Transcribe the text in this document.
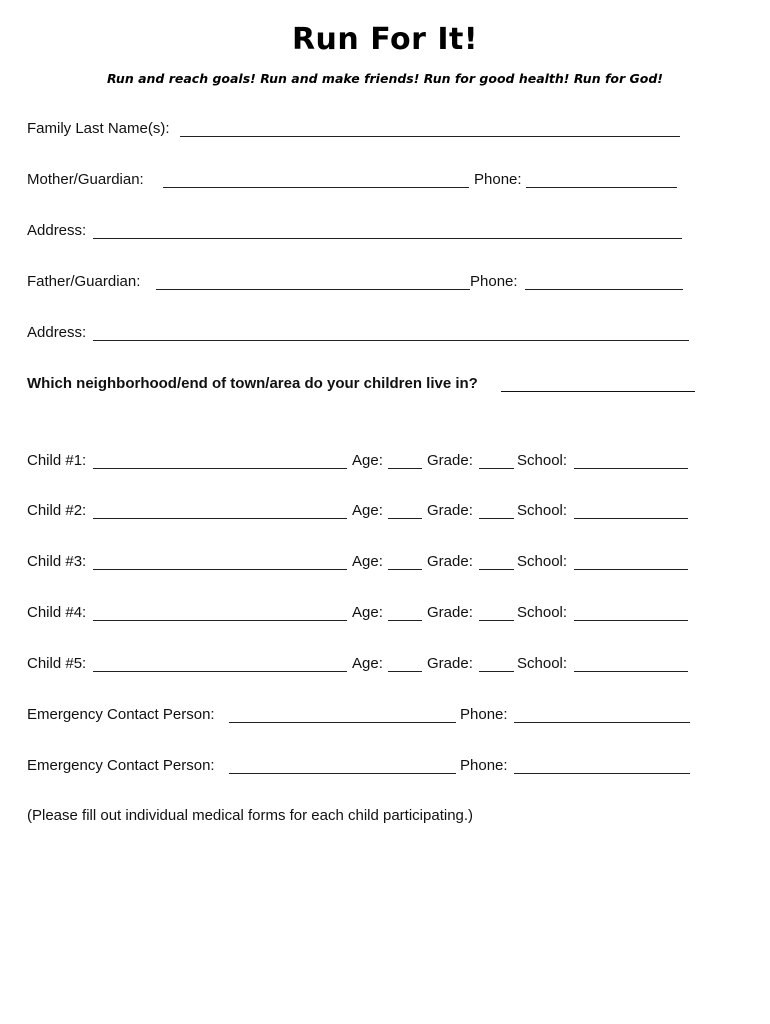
Run For It!
Run and reach goals! Run and make friends! Run for good health! Run for God!
Family Last Name(s):
Mother/Guardian:	Phone:
Address:
Father/Guardian:	Phone:
Address:
Which neighborhood/end of town/area do your children live in?
Child #1:	Age:	Grade:	School:
Child #2:	Age:	Grade:	School:
Child #3:	Age:	Grade:	School:
Child #4:	Age:	Grade:	School:
Child #5:	Age:	Grade:	School:
Emergency Contact Person:	Phone:
Emergency Contact Person:	Phone:
(Please fill out individual medical forms for each child participating.)
